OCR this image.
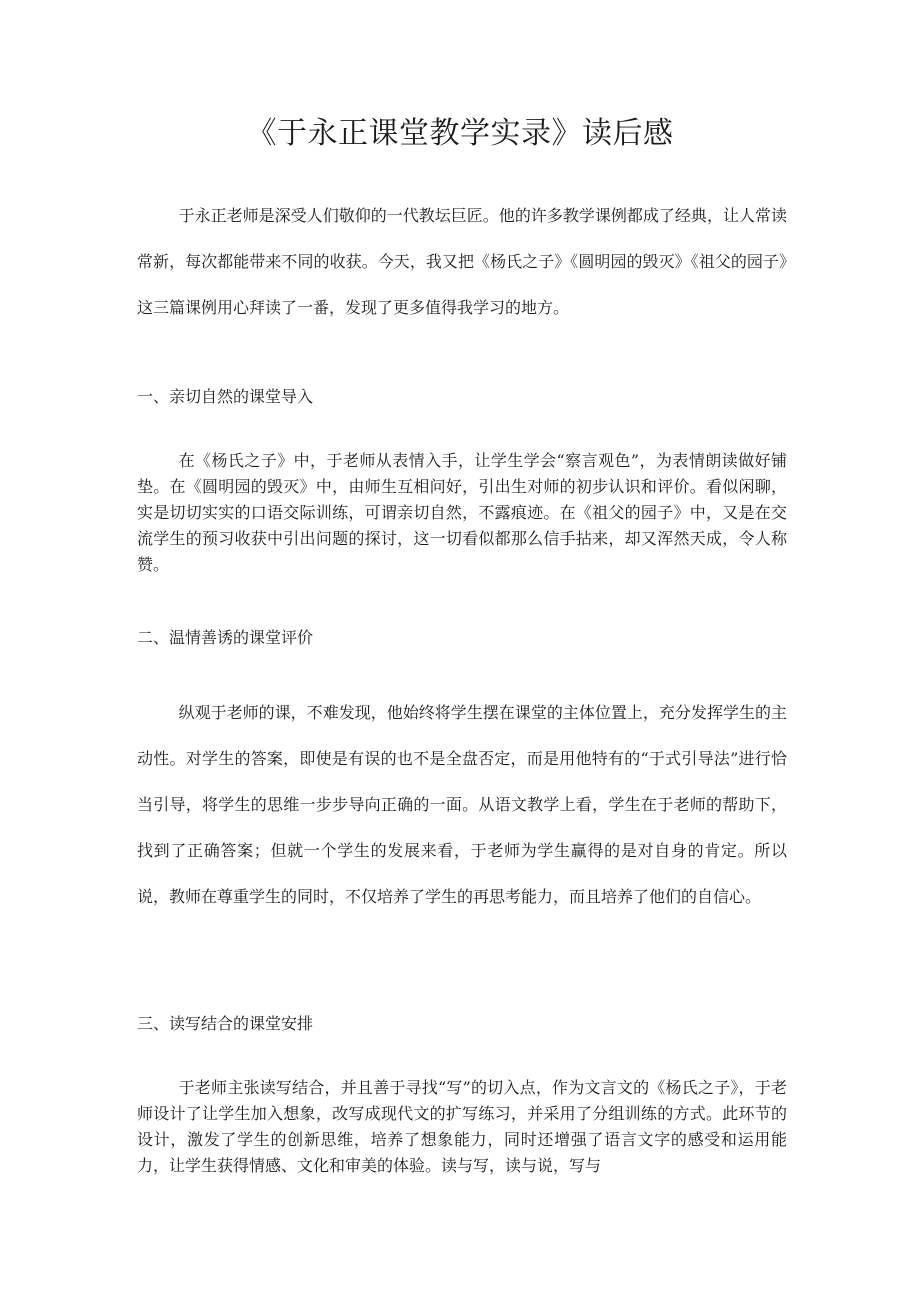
《于永正课堂教学实录》读后感

于永正老师是深受人们敬仰的一代教坛巨匠。他的许多教学课例都成了经典，让人常读常新，每次都能带来不同的收获。今天，我又把《杨氏之子》《圆明园的毁灭》《祖父的园子》这三篇课例用心拜读了一番，发现了更多值得我学习的地方。

一、亲切自然的课堂导入

在《杨氏之子》中，于老师从表情入手，让学生学会“察言观色”，为表情朗读做好铺垫。在《圆明园的毁灭》中，由师生互相问好，引出生对师的初步认识和评价。看似闲聊，实是切切实实的口语交际训练，可谓亲切自然，不露痕迹。在《祖父的园子》中，又是在交流学生的预习收获中引出问题的探讨，这一切看似都那么信手拈来，却又浑然天成，令人称赞。

二、温情善诱的课堂评价

纵观于老师的课，不难发现，他始终将学生摆在课堂的主体位置上，充分发挥学生的主动性。对学生的答案，即使是有误的也不是全盘否定，而是用他特有的“于式引导法”进行恰当引导，将学生的思维一步步导向正确的一面。从语文教学上看，学生在于老师的帮助下，找到了正确答案；但就一个学生的发展来看，于老师为学生赢得的是对自身的肯定。所以说，教师在尊重学生的同时，不仅培养了学生的再思考能力，而且培养了他们的自信心。

三、读写结合的课堂安排

于老师主张读写结合，并且善于寻找“写”的切入点，作为文言文的《杨氏之子》，于老师设计了让学生加入想象，改写成现代文的扩写练习，并采用了分组训练的方式。此环节的设计，激发了学生的创新思维，培养了想象能力，同时还增强了语言文字的感受和运用能力，让学生获得情感、文化和审美的体验。读与写，读与说，写与
